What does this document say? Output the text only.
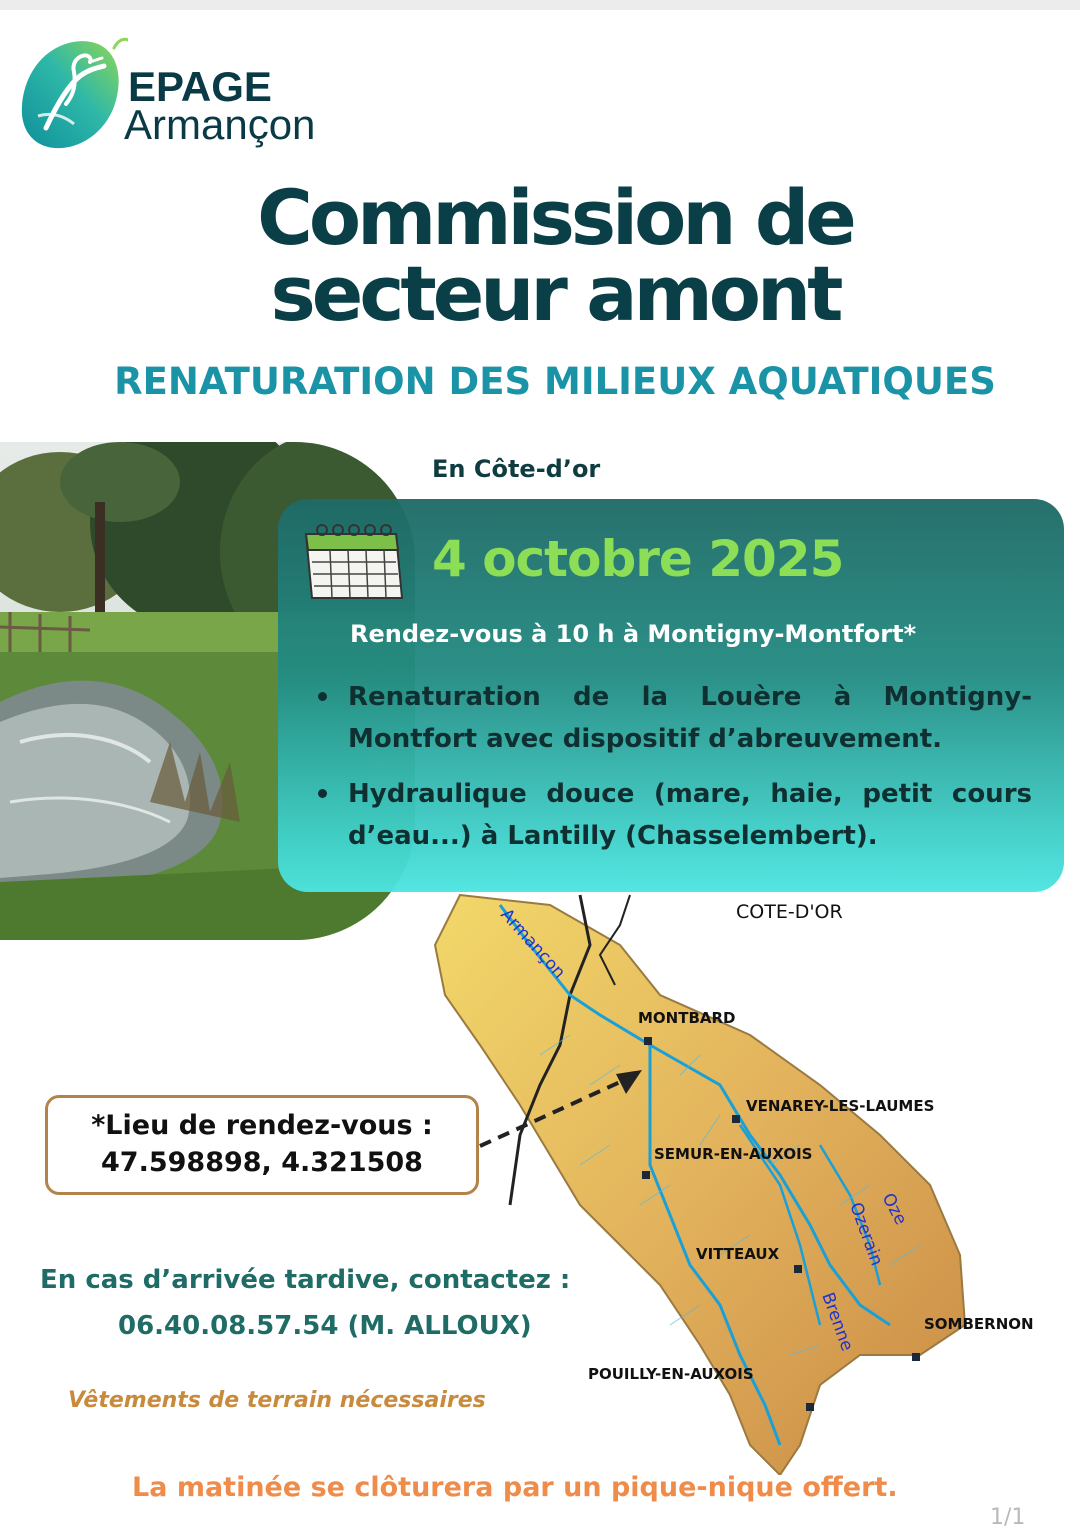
EPAGE
Armançon
Commission de
secteur amont
RENATURATION DES MILIEUX AQUATIQUES
En Côte-d’or
COTE-D'OR
MONTBARD
VENAREY-LES-LAUMES
SEMUR-EN-AUXOIS
VITTEAUX
SOMBERNON
POUILLY-EN-AUXOIS
Armançon
Oze
Ozerain
Brenne
4 octobre 2025
Rendez-vous à 10 h à Montigny-Montfort*
Renaturation de la Louère à Montigny-Montfort avec dispositif d’abreuvement.
Hydraulique douce (mare, haie, petit cours d’eau...) à Lantilly (Chasselembert).
*Lieu de rendez-vous :
47.598898, 4.321508
En cas d’arrivée tardive, contactez :
06.40.08.57.54 (M. ALLOUX)
Vêtements de terrain nécessaires
La matinée se clôturera par un pique-nique offert.
1/1
